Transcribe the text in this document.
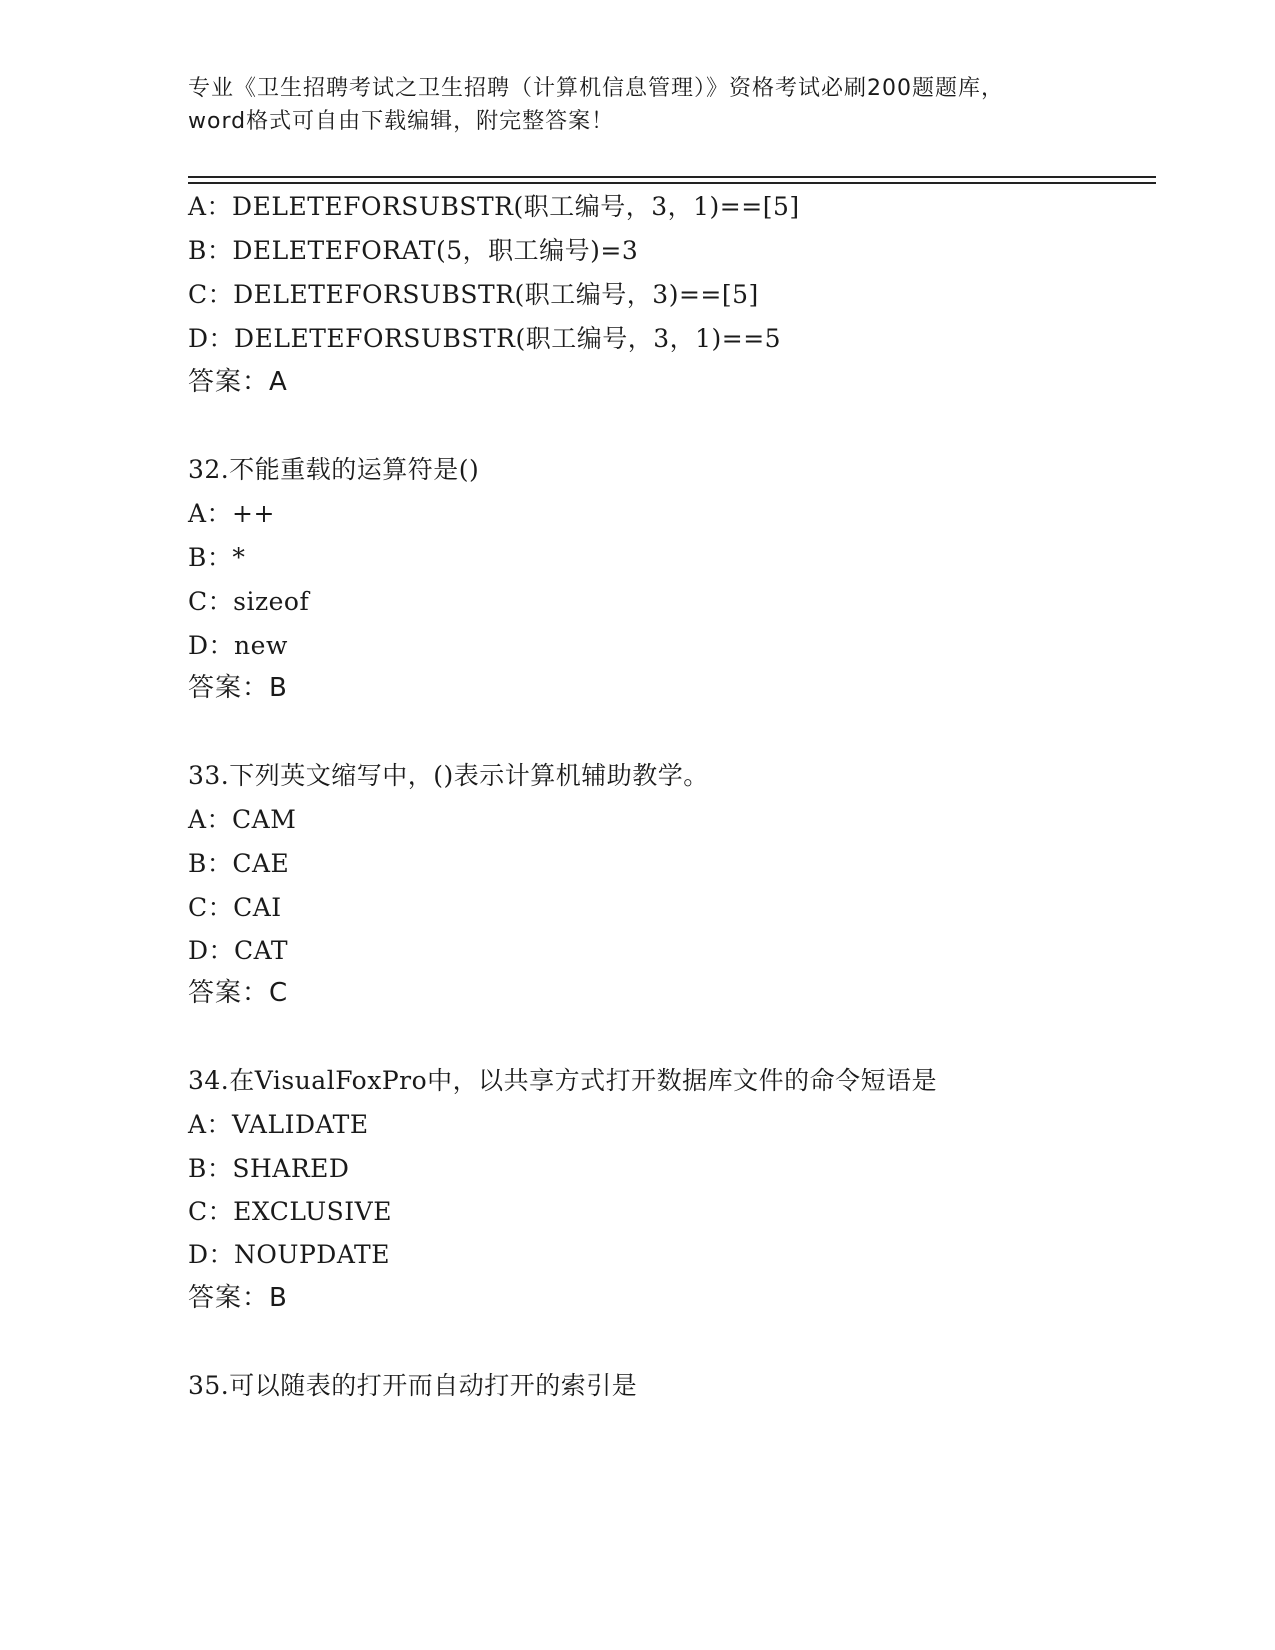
专业《卫生招聘考试之卫生招聘（计算机信息管理）》资格考试必刷200题题库，
word格式可自由下载编辑，附完整答案！
A：DELETEFORSUBSTR(职工编号，3，1)==[5]
B：DELETEFORAT(5，职工编号)=3
C：DELETEFORSUBSTR(职工编号，3)==[5]
D：DELETEFORSUBSTR(职工编号，3，1)==5
答案：A
32.不能重载的运算符是()
A：++
B：*
C：sizeof
D：new
答案：B
33.下列英文缩写中，()表示计算机辅助教学。
A：CAM
B：CAE
C：CAI
D：CAT
答案：C
34.在VisualFoxPro中，以共享方式打开数据库文件的命令短语是
A：VALIDATE
B：SHARED
C：EXCLUSIVE
D：NOUPDATE
答案：B
35.可以随表的打开而自动打开的索引是
